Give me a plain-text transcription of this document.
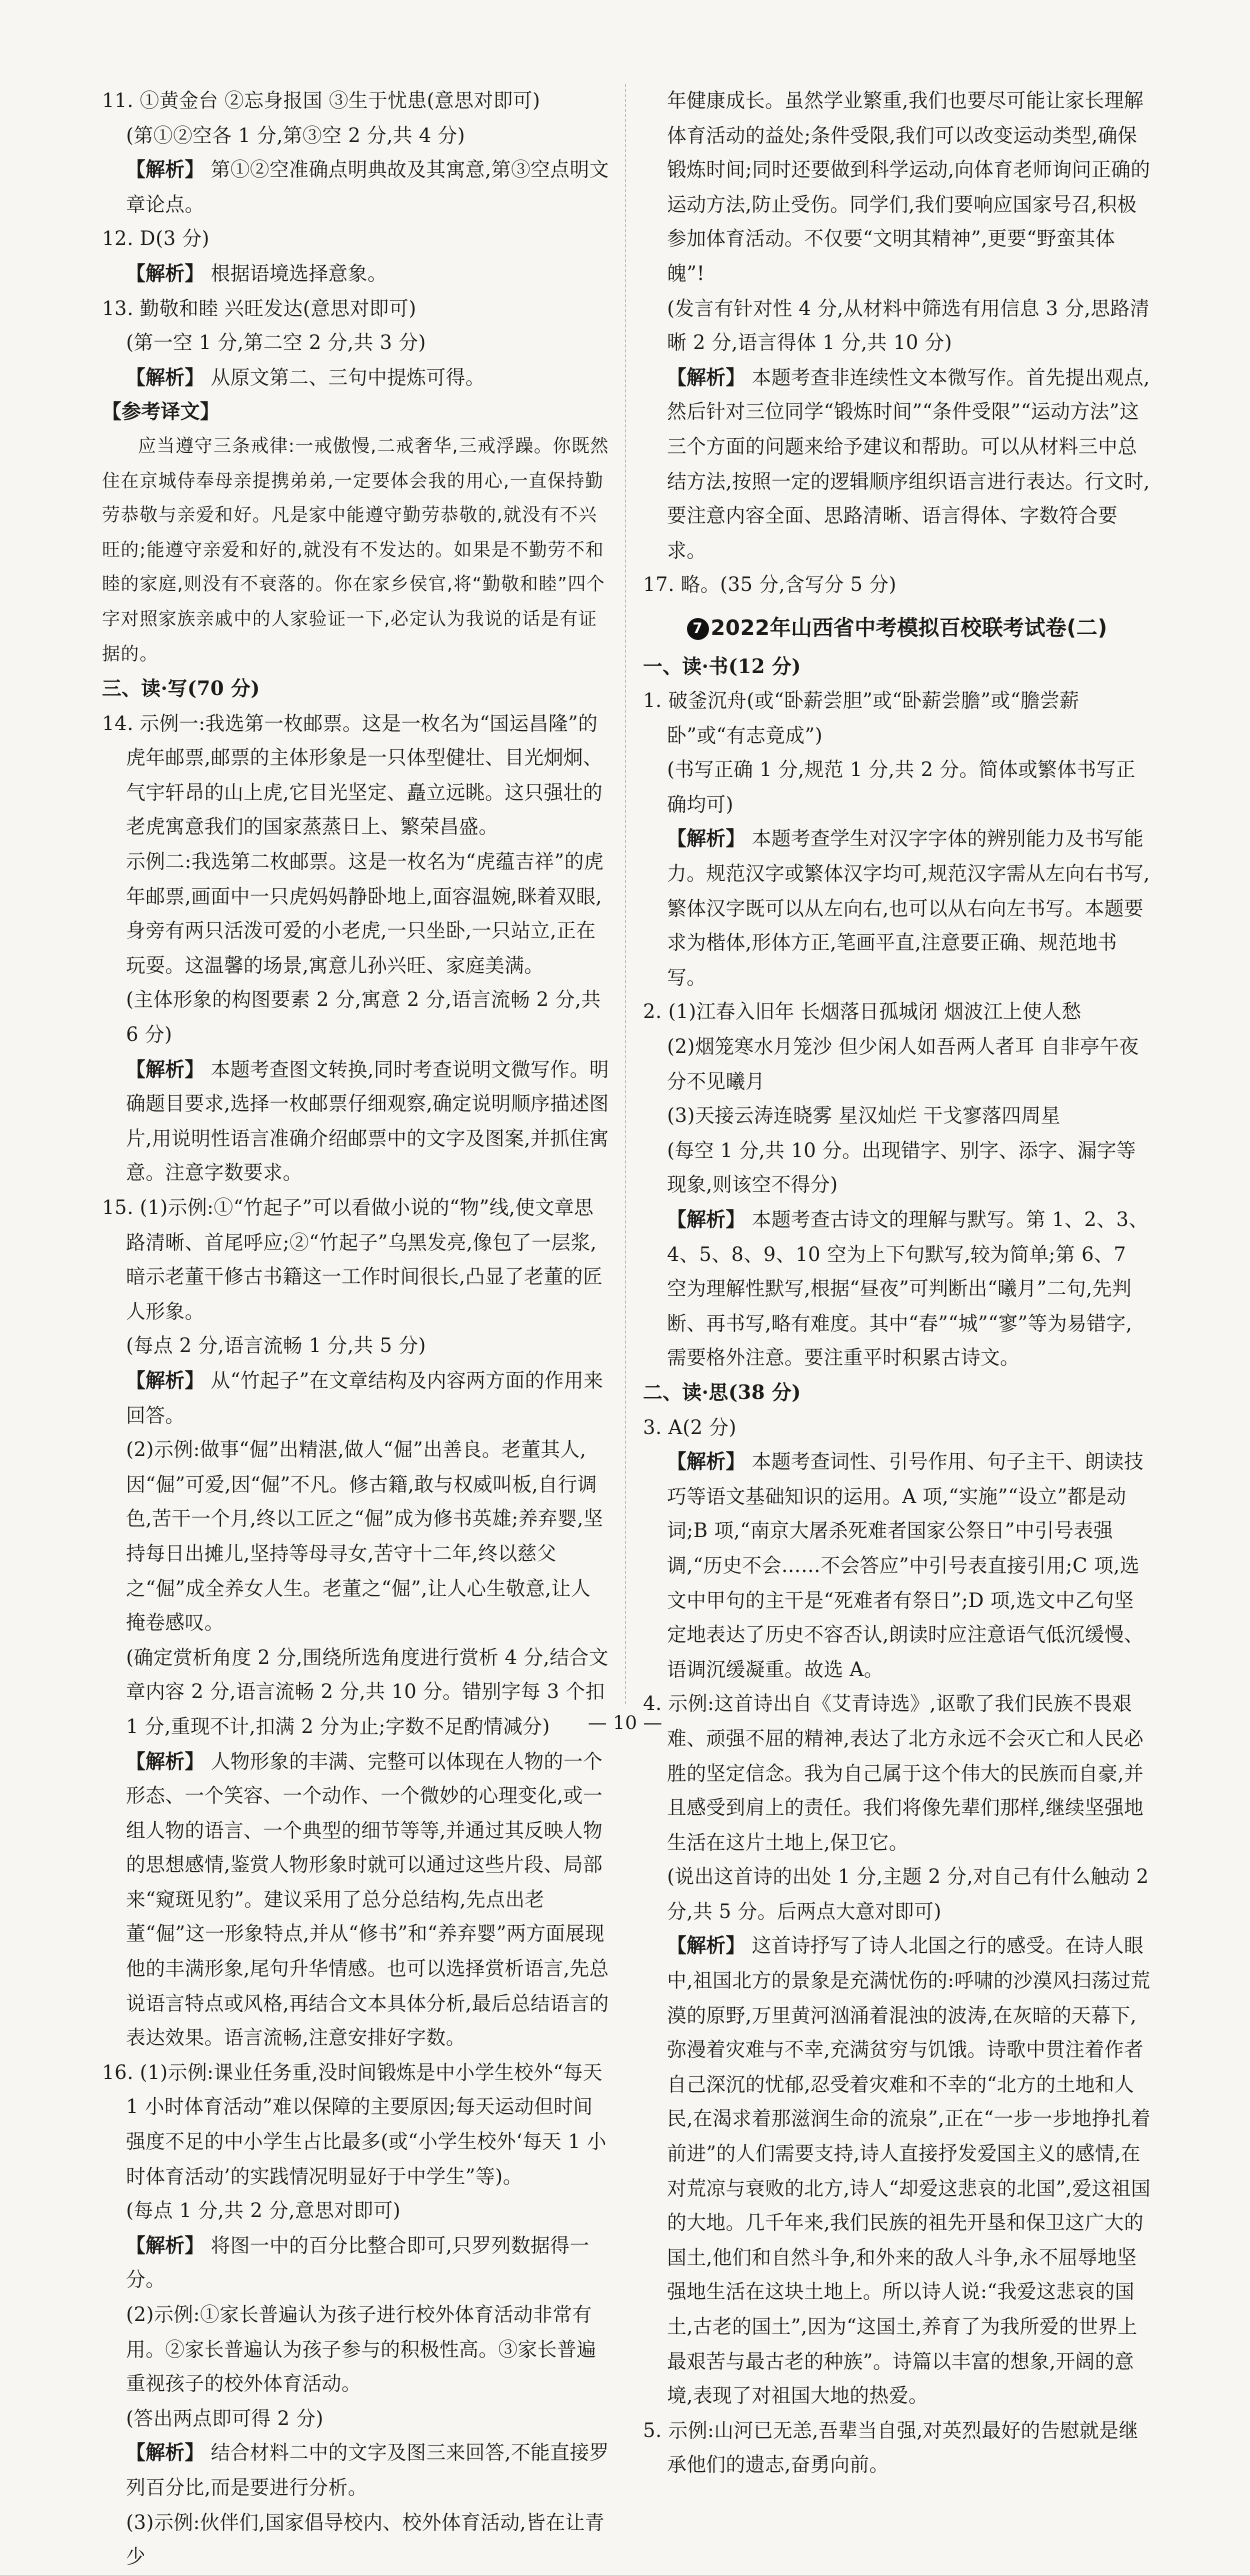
11. ①黄金台 ②忘身报国 ③生于忧患(意思对即可)

(第①②空各 1 分,第③空 2 分,共 4 分)

【解析】 第①②空准确点明典故及其寓意,第③空点明文章论点。

12. D(3 分)

【解析】 根据语境选择意象。

13. 勤敬和睦 兴旺发达(意思对即可)

(第一空 1 分,第二空 2 分,共 3 分)

【解析】 从原文第二、三句中提炼可得。

【参考译文】

应当遵守三条戒律:一戒傲慢,二戒奢华,三戒浮躁。你既然住在京城侍奉母亲提携弟弟,一定要体会我的用心,一直保持勤劳恭敬与亲爱和好。凡是家中能遵守勤劳恭敬的,就没有不兴旺的;能遵守亲爱和好的,就没有不发达的。如果是不勤劳不和睦的家庭,则没有不衰落的。你在家乡侯官,将“勤敬和睦”四个字对照家族亲戚中的人家验证一下,必定认为我说的话是有证据的。

三、读·写(70 分)

14. 示例一:我选第一枚邮票。这是一枚名为“国运昌隆”的虎年邮票,邮票的主体形象是一只体型健壮、目光炯炯、气宇轩昂的山上虎,它目光坚定、矗立远眺。这只强壮的老虎寓意我们的国家蒸蒸日上、繁荣昌盛。

示例二:我选第二枚邮票。这是一枚名为“虎蕴吉祥”的虎年邮票,画面中一只虎妈妈静卧地上,面容温婉,眯着双眼,身旁有两只活泼可爱的小老虎,一只坐卧,一只站立,正在玩耍。这温馨的场景,寓意儿孙兴旺、家庭美满。

(主体形象的构图要素 2 分,寓意 2 分,语言流畅 2 分,共 6 分)

【解析】 本题考查图文转换,同时考查说明文微写作。明确题目要求,选择一枚邮票仔细观察,确定说明顺序描述图片,用说明性语言准确介绍邮票中的文字及图案,并抓住寓意。注意字数要求。

15. (1)示例:①“竹起子”可以看做小说的“物”线,使文章思路清晰、首尾呼应;②“竹起子”乌黑发亮,像包了一层浆,暗示老董干修古书籍这一工作时间很长,凸显了老董的匠人形象。

(每点 2 分,语言流畅 1 分,共 5 分)

【解析】 从“竹起子”在文章结构及内容两方面的作用来回答。

(2)示例:做事“倔”出精湛,做人“倔”出善良。老董其人,因“倔”可爱,因“倔”不凡。修古籍,敢与权威叫板,自行调色,苦干一个月,终以工匠之“倔”成为修书英雄;养弃婴,坚持每日出摊儿,坚持等母寻女,苦守十二年,终以慈父之“倔”成全养女人生。老董之“倔”,让人心生敬意,让人掩卷感叹。

(确定赏析角度 2 分,围绕所选角度进行赏析 4 分,结合文章内容 2 分,语言流畅 2 分,共 10 分。错别字每 3 个扣 1 分,重现不计,扣满 2 分为止;字数不足酌情减分)

【解析】 人物形象的丰满、完整可以体现在人物的一个形态、一个笑容、一个动作、一个微妙的心理变化,或一组人物的语言、一个典型的细节等等,并通过其反映人物的思想感情,鉴赏人物形象时就可以通过这些片段、局部来“窥斑见豹”。建议采用了总分总结构,先点出老董“倔”这一形象特点,并从“修书”和“养弃婴”两方面展现他的丰满形象,尾句升华情感。也可以选择赏析语言,先总说语言特点或风格,再结合文本具体分析,最后总结语言的表达效果。语言流畅,注意安排好字数。

16. (1)示例:课业任务重,没时间锻炼是中小学生校外“每天 1 小时体育活动”难以保障的主要原因;每天运动但时间强度不足的中小学生占比最多(或“小学生校外‘每天 1 小时体育活动’的实践情况明显好于中学生”等)。

(每点 1 分,共 2 分,意思对即可)

【解析】 将图一中的百分比整合即可,只罗列数据得一分。

(2)示例:①家长普遍认为孩子进行校外体育活动非常有用。②家长普遍认为孩子参与的积极性高。③家长普遍重视孩子的校外体育活动。

(答出两点即可得 2 分)

【解析】 结合材料二中的文字及图三来回答,不能直接罗列百分比,而是要进行分析。

(3)示例:伙伴们,国家倡导校内、校外体育活动,皆在让青少

年健康成长。虽然学业繁重,我们也要尽可能让家长理解体育活动的益处;条件受限,我们可以改变运动类型,确保锻炼时间;同时还要做到科学运动,向体育老师询问正确的运动方法,防止受伤。同学们,我们要响应国家号召,积极参加体育活动。不仅要“文明其精神”,更要“野蛮其体魄”!

(发言有针对性 4 分,从材料中筛选有用信息 3 分,思路清晰 2 分,语言得体 1 分,共 10 分)

【解析】 本题考查非连续性文本微写作。首先提出观点,然后针对三位同学“锻炼时间”“条件受限”“运动方法”这三个方面的问题来给予建议和帮助。可以从材料三中总结方法,按照一定的逻辑顺序组织语言进行表达。行文时,要注意内容全面、思路清晰、语言得体、字数符合要求。

17. 略。(35 分,含写分 5 分)

7 2022年山西省中考模拟百校联考试卷(二)

一、读·书(12 分)

1. 破釜沉舟(或“卧薪尝胆”或“卧薪尝膽”或“膽尝薪卧”或“有志竟成”)

(书写正确 1 分,规范 1 分,共 2 分。简体或繁体书写正确均可)

【解析】 本题考查学生对汉字字体的辨别能力及书写能力。规范汉字或繁体汉字均可,规范汉字需从左向右书写,繁体汉字既可以从左向右,也可以从右向左书写。本题要求为楷体,形体方正,笔画平直,注意要正确、规范地书写。

2. (1)江春入旧年 长烟落日孤城闭 烟波江上使人愁

(2)烟笼寒水月笼沙 但少闲人如吾两人者耳 自非亭午夜分不见曦月

(3)天接云涛连晓雾 星汉灿烂 干戈寥落四周星

(每空 1 分,共 10 分。出现错字、别字、添字、漏字等现象,则该空不得分)

【解析】 本题考查古诗文的理解与默写。第 1、2、3、4、5、8、9、10 空为上下句默写,较为简单;第 6、7 空为理解性默写,根据“昼夜”可判断出“曦月”二句,先判断、再书写,略有难度。其中“春”“城”“寥”等为易错字,需要格外注意。要注重平时积累古诗文。

二、读·思(38 分)

3. A(2 分)

【解析】 本题考查词性、引号作用、句子主干、朗读技巧等语文基础知识的运用。A 项,“实施”“设立”都是动词;B 项,“南京大屠杀死难者国家公祭日”中引号表强调,“历史不会……不会答应”中引号表直接引用;C 项,选文中甲句的主干是“死难者有祭日”;D 项,选文中乙句坚定地表达了历史不容否认,朗读时应注意语气低沉缓慢、语调沉缓凝重。故选 A。

4. 示例:这首诗出自《艾青诗选》,讴歌了我们民族不畏艰难、顽强不屈的精神,表达了北方永远不会灭亡和人民必胜的坚定信念。我为自己属于这个伟大的民族而自豪,并且感受到肩上的责任。我们将像先辈们那样,继续坚强地生活在这片土地上,保卫它。

(说出这首诗的出处 1 分,主题 2 分,对自己有什么触动 2 分,共 5 分。后两点大意对即可)

【解析】 这首诗抒写了诗人北国之行的感受。在诗人眼中,祖国北方的景象是充满忧伤的:呼啸的沙漠风扫荡过荒漠的原野,万里黄河汹涌着混浊的波涛,在灰暗的天幕下,弥漫着灾难与不幸,充满贫穷与饥饿。诗歌中贯注着作者自己深沉的忧郁,忍受着灾难和不幸的“北方的土地和人民,在渴求着那滋润生命的流泉”,正在“一步一步地挣扎着前进”的人们需要支持,诗人直接抒发爱国主义的感情,在对荒凉与衰败的北方,诗人“却爱这悲哀的北国”,爱这祖国的大地。几千年来,我们民族的祖先开垦和保卫这广大的国土,他们和自然斗争,和外来的敌人斗争,永不屈辱地坚强地生活在这块土地上。所以诗人说:“我爱这悲哀的国土,古老的国土”,因为“这国土,养育了为我所爱的世界上最艰苦与最古老的种族”。诗篇以丰富的想象,开阔的意境,表现了对祖国大地的热爱。

5. 示例:山河已无恙,吾辈当自强,对英烈最好的告慰就是继承他们的遗志,奋勇向前。

— 10 —
